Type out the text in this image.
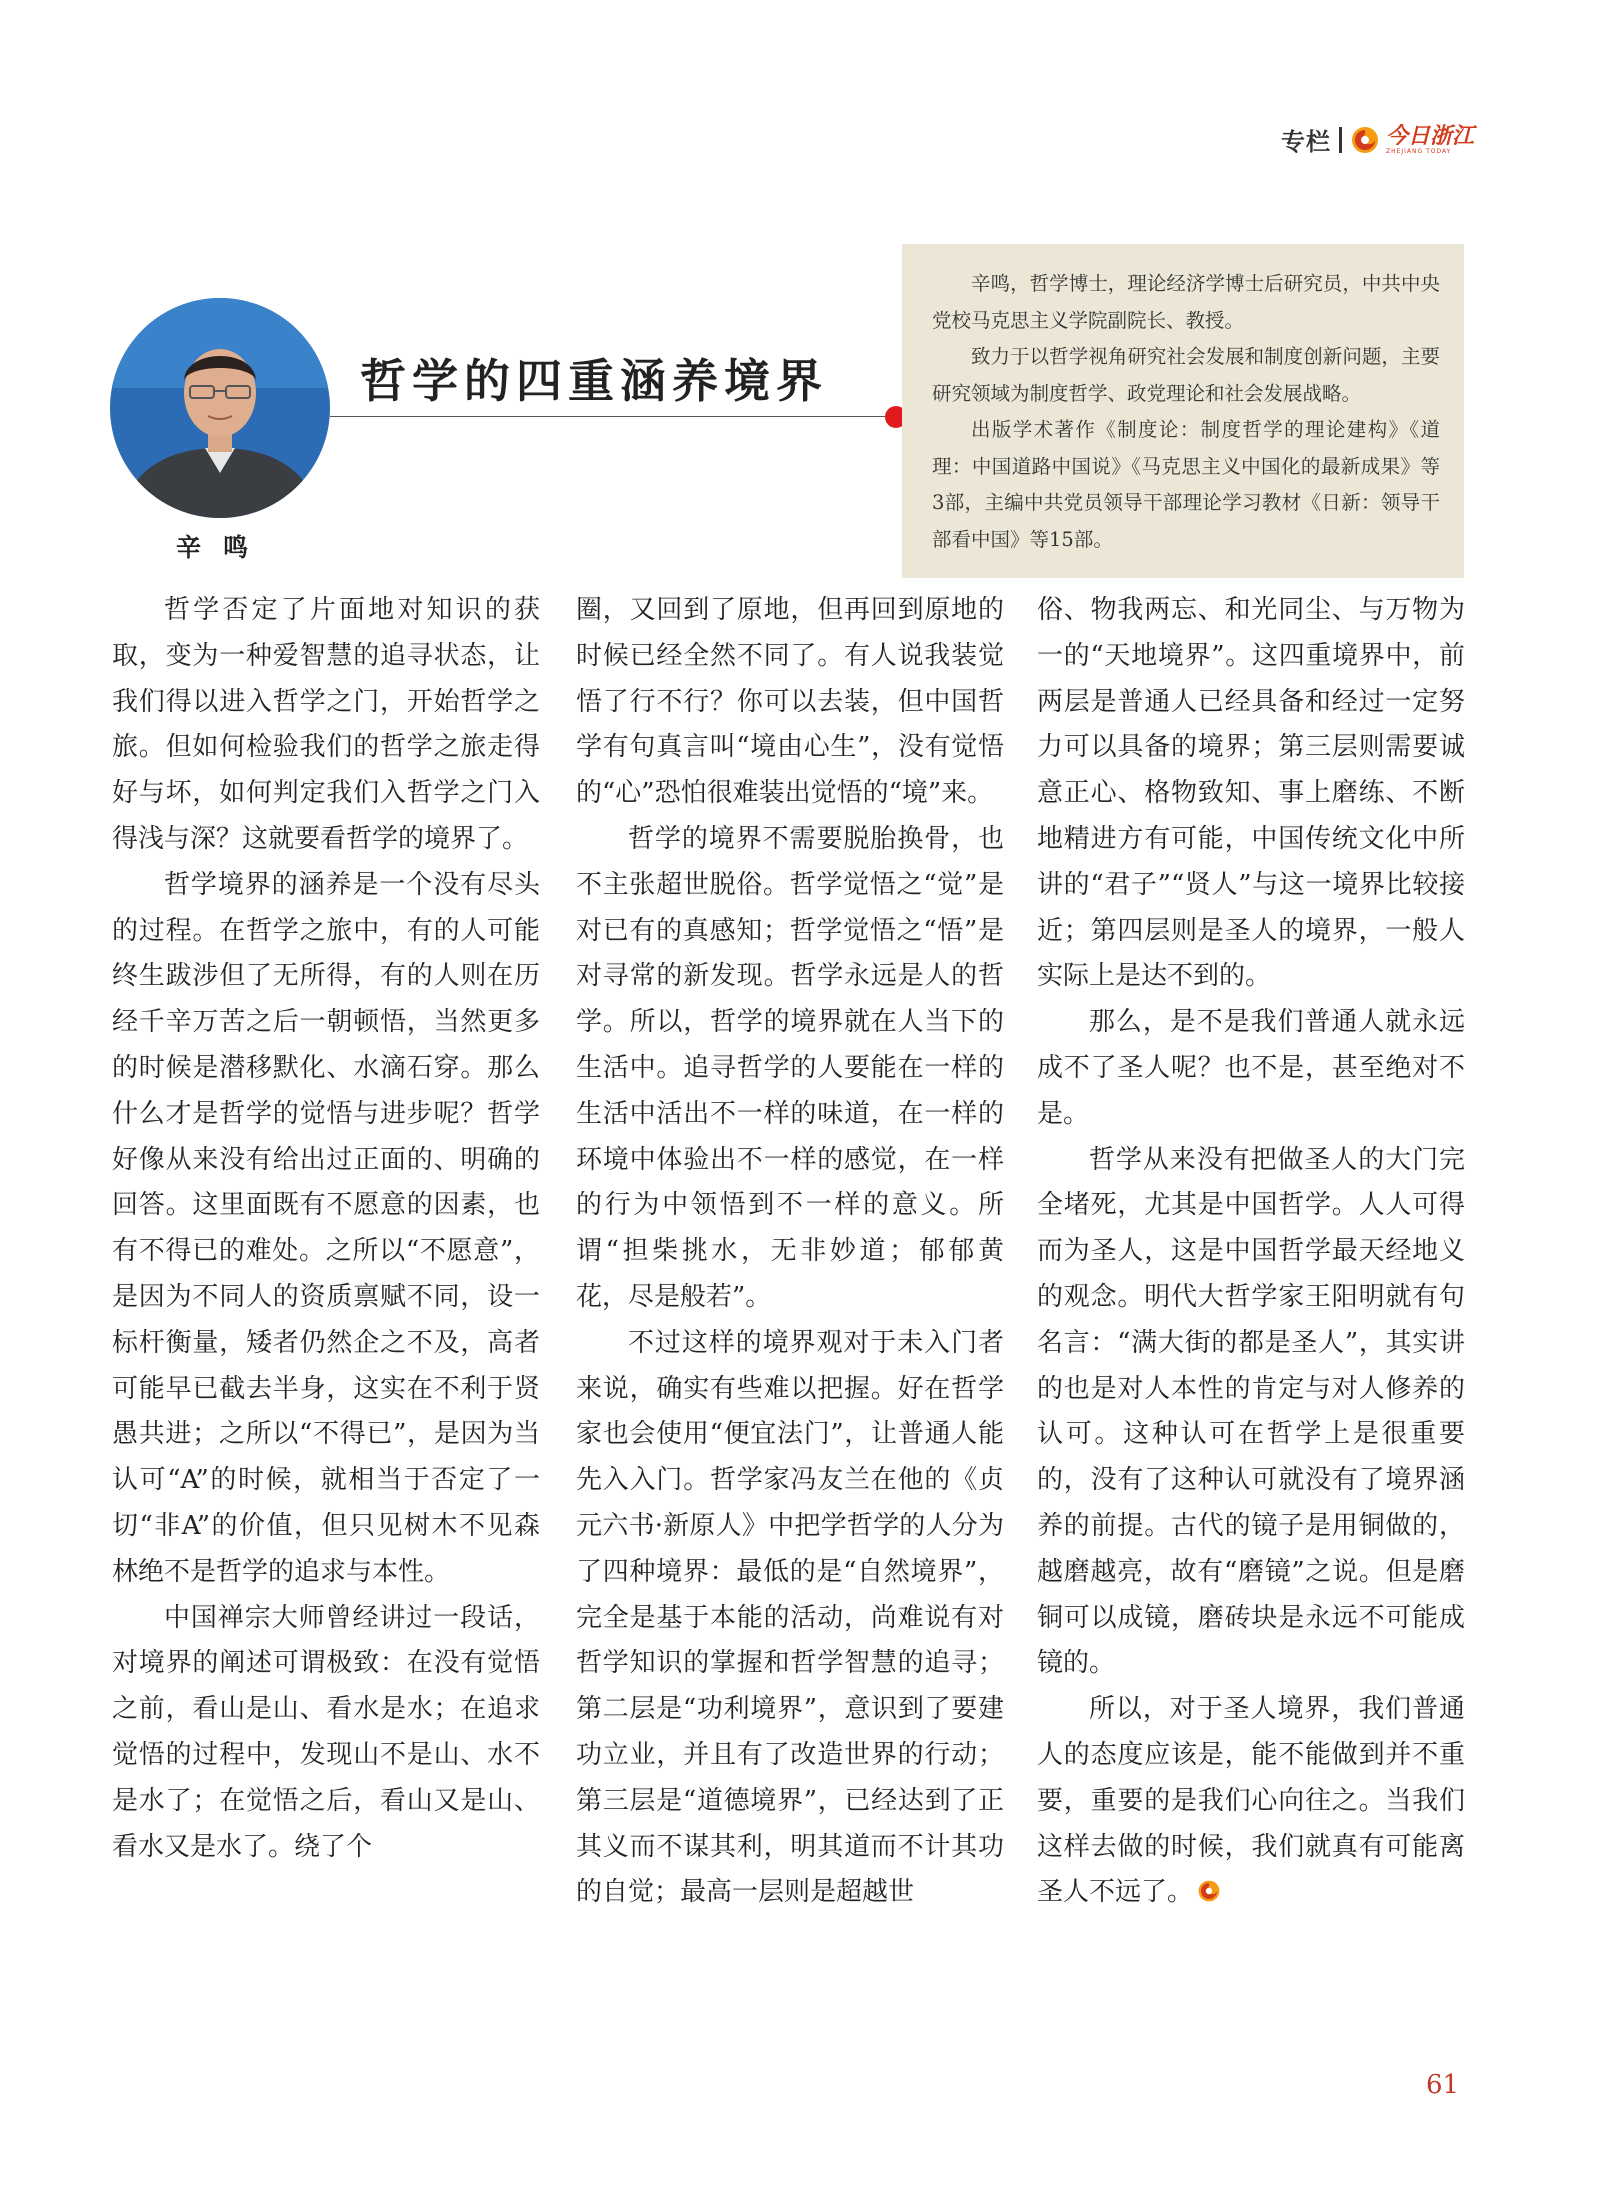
专栏	今日浙江
ZHEJIANG TODAY
辛鸣
哲学的四重涵养境界

辛鸣，哲学博士，理论经济学博士后研究员，中共中央党校马克思主义学院副院长、教授。

致力于以哲学视角研究社会发展和制度创新问题，主要研究领域为制度哲学、政党理论和社会发展战略。

出版学术著作《制度论：制度哲学的理论建构》《道理：中国道路中国说》《马克思主义中国化的最新成果》等3部，主编中共党员领导干部理论学习教材《日新：领导干部看中国》等15部。

哲学否定了片面地对知识的获取，变为一种爱智慧的追寻状态，让我们得以进入哲学之门，开始哲学之旅。但如何检验我们的哲学之旅走得好与坏，如何判定我们入哲学之门入得浅与深？这就要看哲学的境界了。

哲学境界的涵养是一个没有尽头的过程。在哲学之旅中，有的人可能终生跋涉但了无所得，有的人则在历经千辛万苦之后一朝顿悟，当然更多的时候是潜移默化、水滴石穿。那么什么才是哲学的觉悟与进步呢？哲学好像从来没有给出过正面的、明确的回答。这里面既有不愿意的因素，也有不得已的难处。之所以“不愿意”，是因为不同人的资质禀赋不同，设一标杆衡量，矮者仍然企之不及，高者可能早已截去半身，这实在不利于贤愚共进；之所以“不得已”，是因为当认可“A”的时候，就相当于否定了一切“非A”的价值，但只见树木不见森林绝不是哲学的追求与本性。

中国禅宗大师曾经讲过一段话，对境界的阐述可谓极致：在没有觉悟之前，看山是山、看水是水；在追求觉悟的过程中，发现山不是山、水不是水了；在觉悟之后，看山又是山、看水又是水了。绕了个

圈，又回到了原地，但再回到原地的时候已经全然不同了。有人说我装觉悟了行不行？你可以去装，但中国哲学有句真言叫“境由心生”，没有觉悟的“心”恐怕很难装出觉悟的“境”来。

哲学的境界不需要脱胎换骨，也不主张超世脱俗。哲学觉悟之“觉”是对已有的真感知；哲学觉悟之“悟”是对寻常的新发现。哲学永远是人的哲学。所以，哲学的境界就在人当下的生活中。追寻哲学的人要能在一样的生活中活出不一样的味道，在一样的环境中体验出不一样的感觉，在一样的行为中领悟到不一样的意义。所谓“担柴挑水，无非妙道；郁郁黄花，尽是般若”。

不过这样的境界观对于未入门者来说，确实有些难以把握。好在哲学家也会使用“便宜法门”，让普通人能先入入门。哲学家冯友兰在他的《贞元六书·新原人》中把学哲学的人分为了四种境界：最低的是“自然境界”，完全是基于本能的活动，尚难说有对哲学知识的掌握和哲学智慧的追寻；第二层是“功利境界”，意识到了要建功立业，并且有了改造世界的行动；第三层是“道德境界”，已经达到了正其义而不谋其利，明其道而不计其功的自觉；最高一层则是超越世

俗、物我两忘、和光同尘、与万物为一的“天地境界”。这四重境界中，前两层是普通人已经具备和经过一定努力可以具备的境界；第三层则需要诚意正心、格物致知、事上磨练、不断地精进方有可能，中国传统文化中所讲的“君子”“贤人”与这一境界比较接近；第四层则是圣人的境界，一般人实际上是达不到的。

那么，是不是我们普通人就永远成不了圣人呢？也不是，甚至绝对不是。

哲学从来没有把做圣人的大门完全堵死，尤其是中国哲学。人人可得而为圣人，这是中国哲学最天经地义的观念。明代大哲学家王阳明就有句名言：“满大街的都是圣人”，其实讲的也是对人本性的肯定与对人修养的认可。这种认可在哲学上是很重要的，没有了这种认可就没有了境界涵养的前提。古代的镜子是用铜做的，越磨越亮，故有“磨镜”之说。但是磨铜可以成镜，磨砖块是永远不可能成镜的。

所以，对于圣人境界，我们普通人的态度应该是，能不能做到并不重要，重要的是我们心向往之。当我们这样去做的时候，我们就真有可能离圣人不远了。

61
